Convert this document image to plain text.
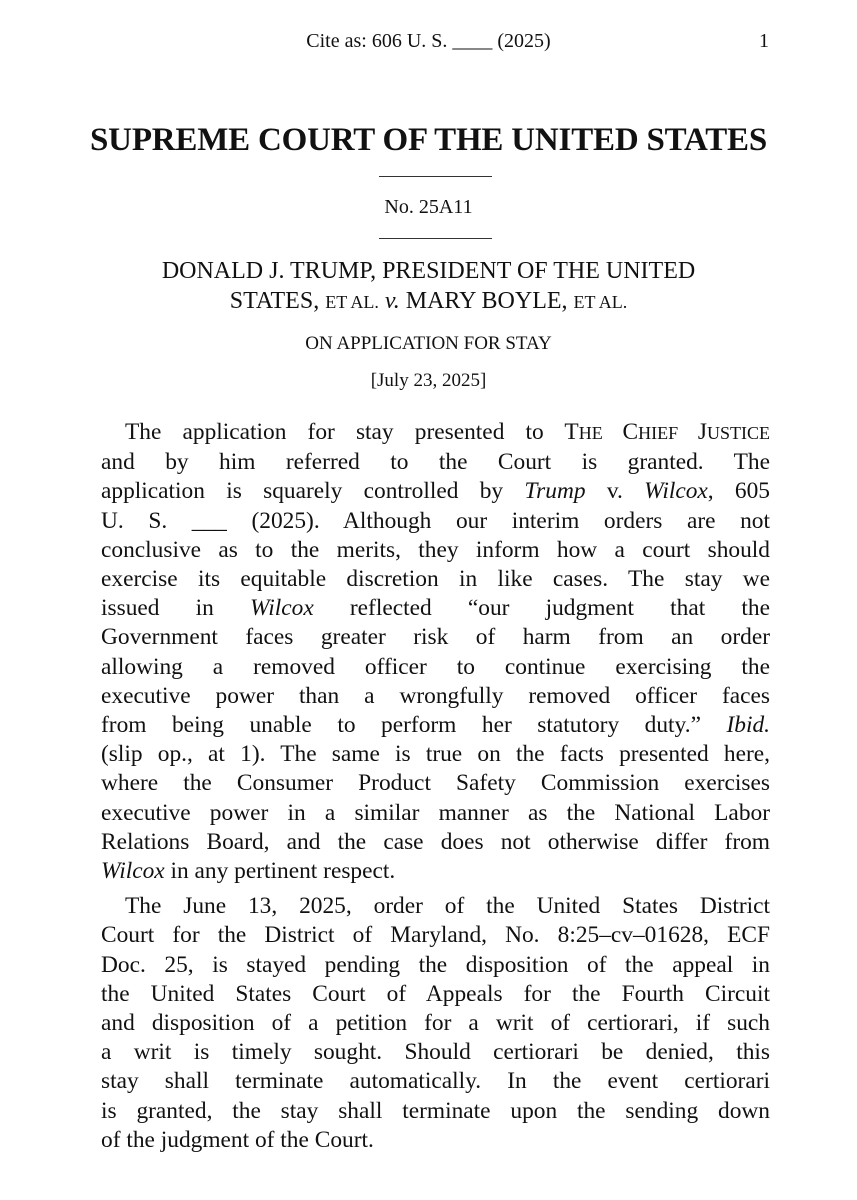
Cite as: 606 U. S. ____ (2025)	1
SUPREME COURT OF THE UNITED STATES
No. 25A11
DONALD J. TRUMP, PRESIDENT OF THE UNITED
STATES, ET AL. v. MARY BOYLE, ET AL.
ON APPLICATION FOR STAY
[July 23, 2025]
The application for stay presented to THE CHIEF JUSTICE
and by him referred to the Court is granted. The
application is squarely controlled by Trump v. Wilcox, 605
U. S. ___ (2025). Although our interim orders are not
conclusive as to the merits, they inform how a court should
exercise its equitable discretion in like cases. The stay we
issued in Wilcox reflected “our judgment that the
Government faces greater risk of harm from an order
allowing a removed officer to continue exercising the
executive power than a wrongfully removed officer faces
from being unable to perform her statutory duty.” Ibid.
(slip op., at 1). The same is true on the facts presented here,
where the Consumer Product Safety Commission exercises
executive power in a similar manner as the National Labor
Relations Board, and the case does not otherwise differ from
Wilcox in any pertinent respect.
The June 13, 2025, order of the United States District
Court for the District of Maryland, No. 8:25–cv–01628, ECF
Doc. 25, is stayed pending the disposition of the appeal in
the United States Court of Appeals for the Fourth Circuit
and disposition of a petition for a writ of certiorari, if such
a writ is timely sought. Should certiorari be denied, this
stay shall terminate automatically. In the event certiorari
is granted, the stay shall terminate upon the sending down
of the judgment of the Court.
